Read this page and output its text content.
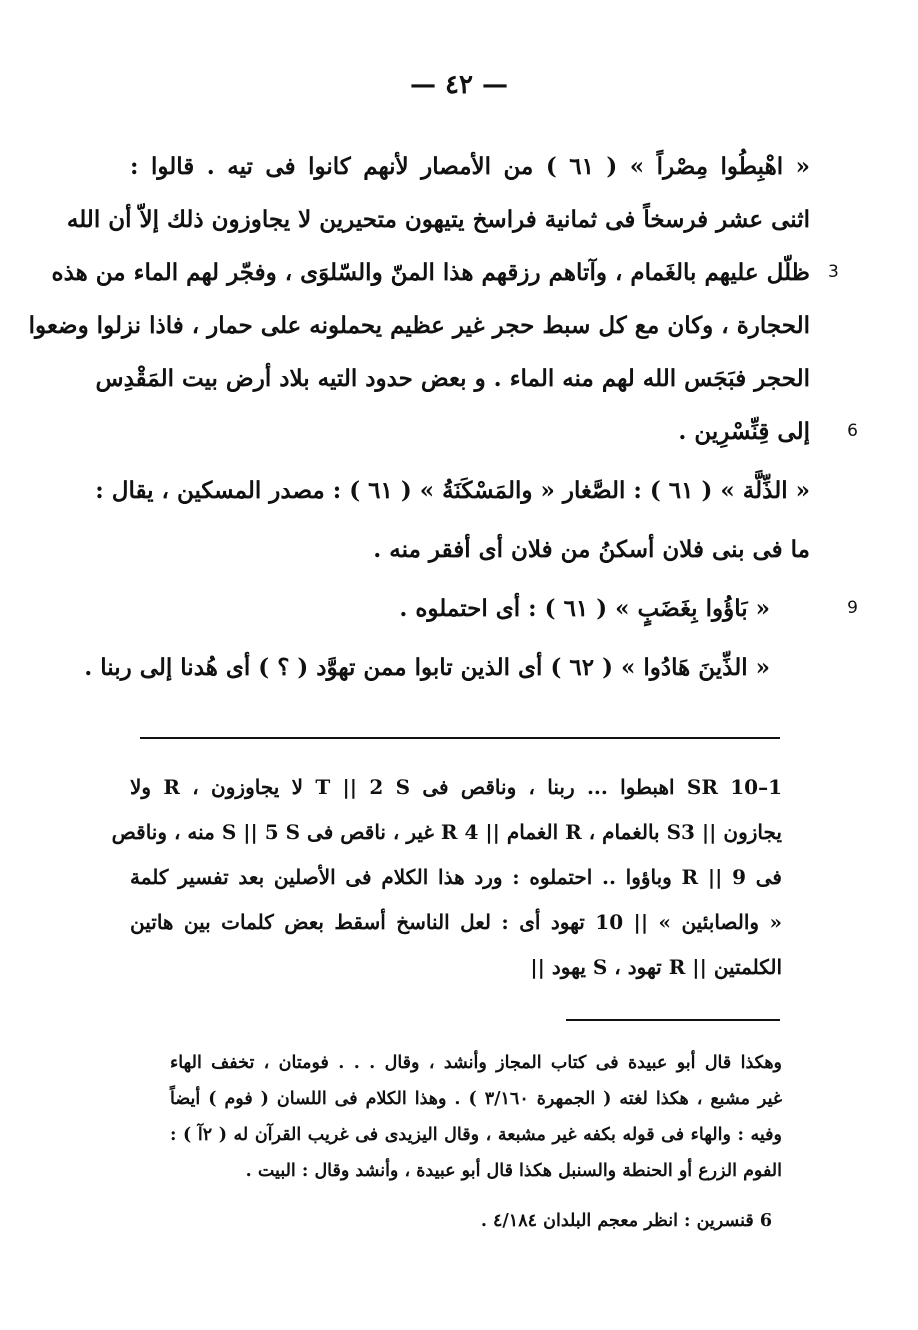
— ٤٢ —
« اهْبِطُوا مِصْراً » ( ٦١ ) من الأمصار لأنهم كانوا فى تيه . قالوا :
اثنى عشر فرسخاً فى ثمانية فراسخ يتيهون متحيرين لا يجاوزون ذلك إلاّ أن الله
3
ظلّل عليهم بالغَمام ، وآتاهم رزقهم هذا المنّ والسّلوَى ، وفجّر لهم الماء من هذه
الحجارة ، وكان مع كل سبط حجر غير عظيم يحملونه على حمار ، فاذا نزلوا وضعوا
الحجر فبَجَس الله لهم منه الماء . و بعض حدود التيه بلاد أرض بيت المَقْدِس
6
إلى قِنِّسْرِين .
« الذِّلَّة » ( ٦١ ) : الصَّغار « والمَسْكَنَةُ » ( ٦١ ) : مصدر المسكين ، يقال :
ما فى بنى فلان أسكنُ من فلان أى أفقر منه .
9
« بَاؤُوا بِغَضَبٍ » ( ٦١ ) : أى احتملوه .
« الذِّينَ هَادُوا » ( ٦٢ ) أى الذين تابوا ممن تهوَّد ( ؟ ) أى هُدنا إلى ربنا .
SR 10–1 اهبطوا ... ربنا ، وناقص فى T || 2 S لا يجاوزون ، R ولا
يجازون || S3 بالغمام ، R الغمام || 4 R غير ، ناقص فى S || 5 S منه ، وناقص
فى R || 9 وباؤوا .. احتملوه : ورد هذا الكلام فى الأصلين بعد تفسير كلمة
« والصابئين » || 10 تهود أى : لعل الناسخ أسقط بعض كلمات بين هاتين
الكلمتين || R تهود ، S يهود ||
وهكذا قال أبو عبيدة فى كتاب المجاز وأنشد ، وقال . . . فومتان ، تخفف الهاء
غير مشبع ، هكذا لغته ( الجمهرة ٣/١٦٠ ) . وهذا الكلام فى اللسان ( فوم ) أيضاً
وفيه : والهاء فى قوله بكفه غير مشبعة ، وقال اليزيدى فى غريب القرآن له ( ٢آ ) :
الفوم الزرع أو الحنطة والسنبل هكذا قال أبو عبيدة ، وأنشد وقال : البيت .
6 قنسرين : انظر معجم البلدان ٤/١٨٤ .
